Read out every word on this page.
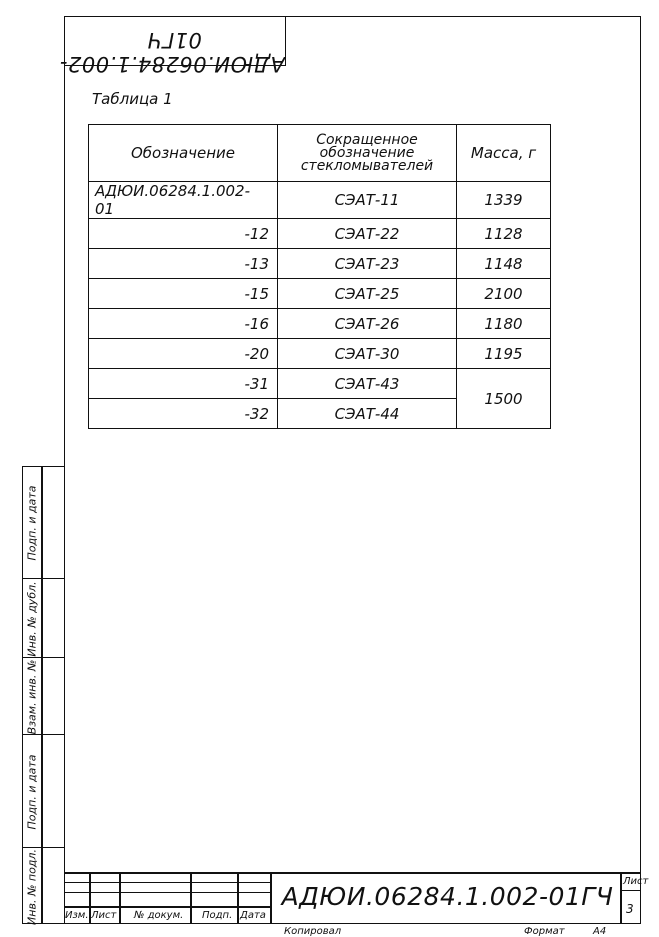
АДЮИ.06284.1.002-01ГЧ
Таблица 1
Обозначение	Сокращенное обозначение стекломывателей	Масса, г
АДЮИ.06284.1.002-01	СЭАТ-11	1339
-12	СЭАТ-22	1128
-13	СЭАТ-23	1148
-15	СЭАТ-25	2100
-16	СЭАТ-26	1180
-20	СЭАТ-30	1195
-31	СЭАТ-43	1500
-32	СЭАТ-44	
Подп. и дата
Инв. № дубл.
Взам. инв. №
Подп. и дата
Инв. № подл.	Изм. Лист № докум. Подп. Дата
АДЮИ.06284.1.002-01ГЧ
Лист
3
Копировал	Формат	А4
